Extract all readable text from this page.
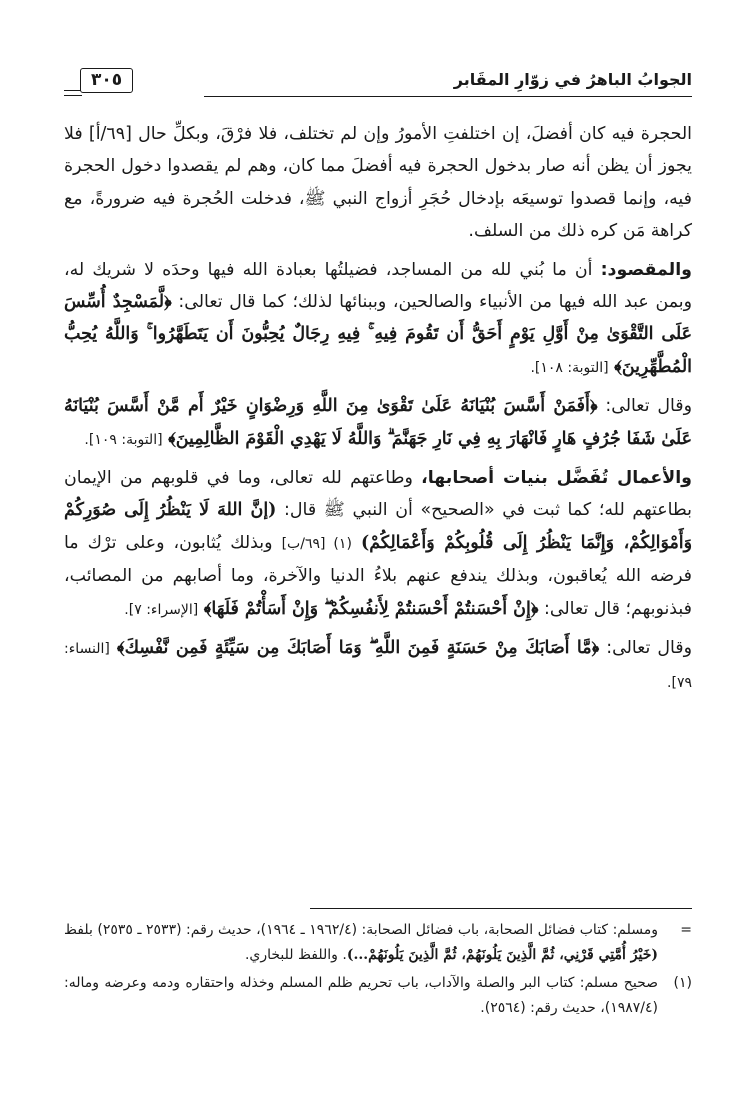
الجوابُ الباهرُ في زوّارِ المقَابر
٣٠٥

الحجرة فيه كان أفضلَ، إن اختلفتِ الأمورُ وإن لم تختلف، فلا فرْقَ، وبكلِّ حال [٦٩/أ] فلا يجوز أن يظن أنه صار بدخول الحجرة فيه أفضلَ مما كان، وهم لم يقصدوا دخول الحجرة فيه، وإنما قصدوا توسيعَه بإدخال حُجَرِ أزواج النبي ﷺ، فدخلت الحُجرة فيه ضرورةً، مع كراهة مَن كره ذلك من السلف.

والمقصود: أن ما بُني لله من المساجد، فضيلتُها بعبادة الله فيها وحدَه لا شريك له، وبمن عبد الله فيها من الأنبياء والصالحين، وببنائها لذلك؛ كما قال تعالى: ﴿لَّمَسْجِدٌ أُسِّسَ عَلَى التَّقْوَىٰ مِنْ أَوَّلِ يَوْمٍ أَحَقُّ أَن تَقُومَ فِيهِ ۚ فِيهِ رِجَالٌ يُحِبُّونَ أَن يَتَطَهَّرُوا ۚ وَاللَّهُ يُحِبُّ الْمُطَّهِّرِينَ﴾ [التوبة: ١٠٨].

وقال تعالى: ﴿أَفَمَنْ أَسَّسَ بُنْيَانَهُ عَلَىٰ تَقْوَىٰ مِنَ اللَّهِ وَرِضْوَانٍ خَيْرٌ أَم مَّنْ أَسَّسَ بُنْيَانَهُ عَلَىٰ شَفَا جُرُفٍ هَارٍ فَانْهَارَ بِهِ فِي نَارِ جَهَنَّمَ ۗ وَاللَّهُ لَا يَهْدِي الْقَوْمَ الظَّالِمِينَ﴾ [التوبة: ١٠٩].

والأعمال تُفَضَّل بنيات أصحابها، وطاعتهم لله تعالى، وما في قلوبهم من الإيمان بطاعتهم لله؛ كما ثبت في «الصحيح» أن النبي ﷺ قال: (إنَّ اللهَ لَا يَنْظُرُ إِلَى صُوَرِكُمْ وَأَمْوَالِكُمْ، وَإِنَّمَا يَنْظُرُ إِلَى قُلُوبِكُمْ وَأَعْمَالِكُمْ) (١) [٦٩/ب] وبذلك يُثابون، وعلى ترْك ما فرضه الله يُعاقبون، وبذلك يندفع عنهم بلاءُ الدنيا والآخرة، وما أصابهم من المصائب، فبذنوبهم؛ قال تعالى: ﴿إِنْ أَحْسَنتُمْ أَحْسَنتُمْ لِأَنفُسِكُمْ ۖ وَإِنْ أَسَأْتُمْ فَلَهَا﴾ [الإسراء: ٧].

وقال تعالى: ﴿مَّا أَصَابَكَ مِنْ حَسَنَةٍ فَمِنَ اللَّهِ ۖ وَمَا أَصَابَكَ مِن سَيِّئَةٍ فَمِن نَّفْسِكَ﴾ [النساء: ٧٩].

=
ومسلم: كتاب فضائل الصحابة، باب فضائل الصحابة: (١٩٦٢/٤ ـ ١٩٦٤)، حديث رقم: (٢٥٣٣ ـ ٢٥٣٥) بلفظ (خَيْرُ أُمَّتِي قَرْنِي، ثُمَّ الَّذِينَ يَلُونَهُمْ، ثُمَّ الَّذِينَ يَلُونَهُمْ...). واللفظ للبخاري.
(١)
صحيح مسلم: كتاب البر والصلة والآداب، باب تحريم ظلم المسلم وخذله واحتقاره ودمه وعرضه وماله: (١٩٨٧/٤)، حديث رقم: (٢٥٦٤).
